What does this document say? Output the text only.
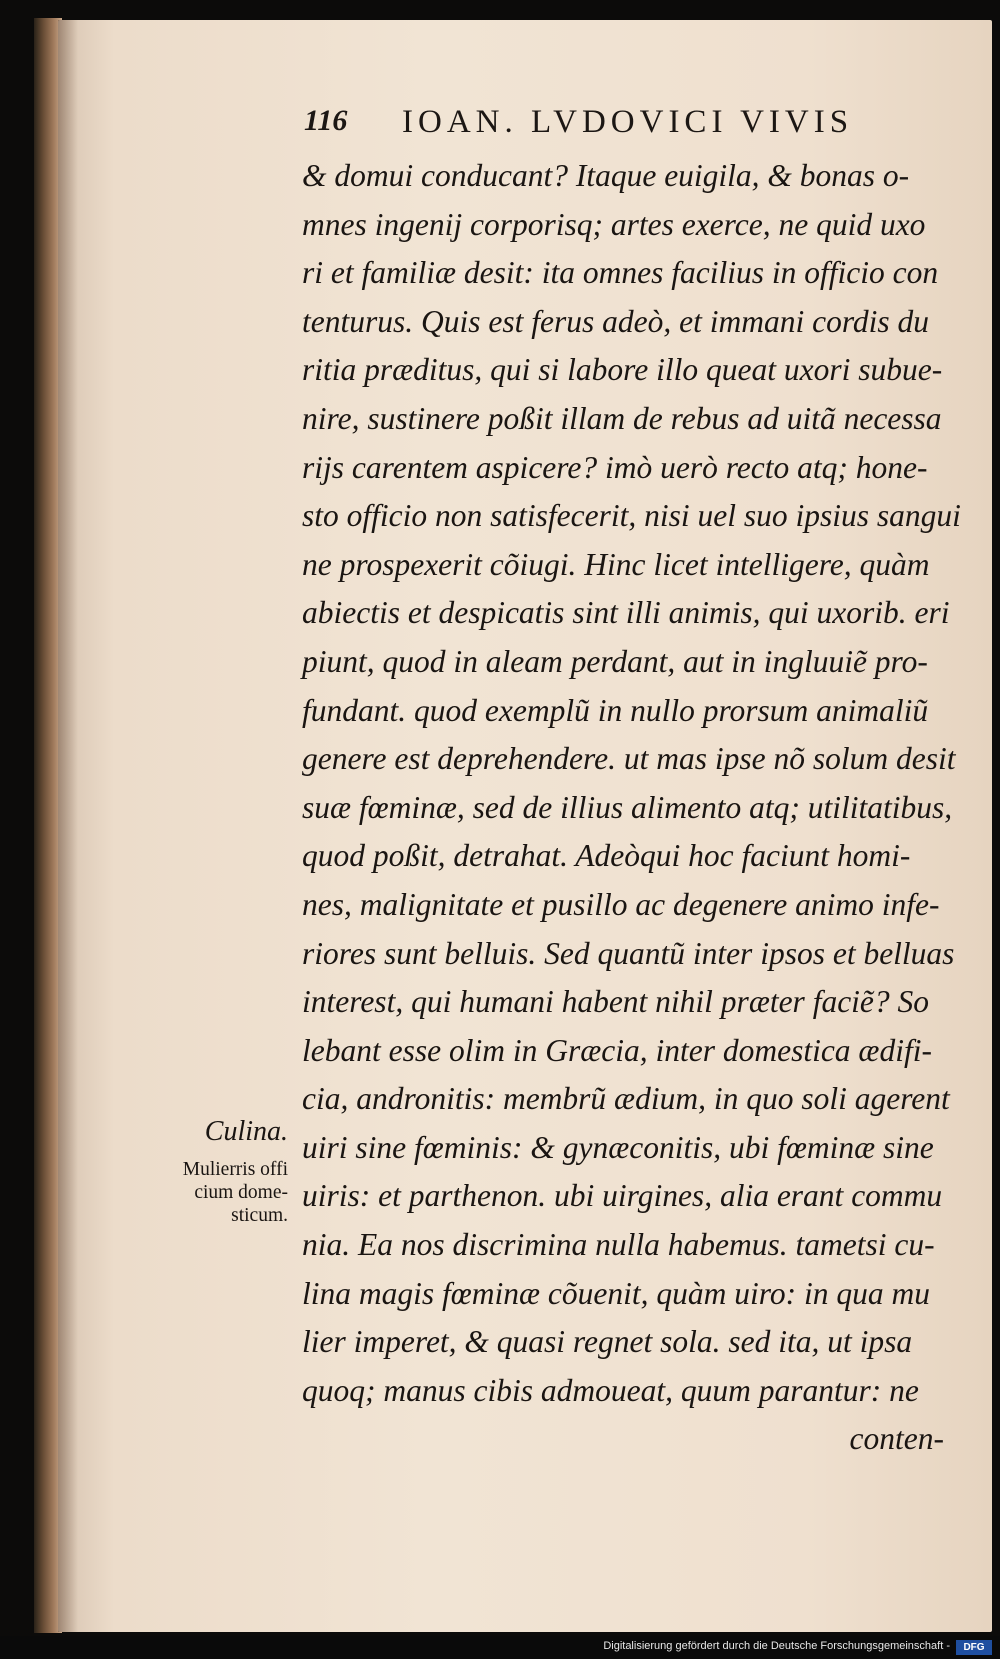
116 IOAN. LVDOVICI VIVIS
& domui conducant? Itaque euigila, & bonas o-
mnes ingenij corporisq; artes exerce, ne quid uxo
ri et familiæ desit: ita omnes facilius in officio con
tenturus. Quis est ferus adeò, et immani cordis du
ritia præditus, qui si labore illo queat uxori subue-
nire, sustinere poßit illam de rebus ad uitã necessa
rijs carentem aspicere? imò uerò recto atq; hone-
sto officio non satisfecerit, nisi uel suo ipsius sangui
ne prospexerit cõiugi. Hinc licet intelligere, quàm
abiectis et despicatis sint illi animis, qui uxorib. eri
piunt, quod in aleam perdant, aut in ingluuiẽ pro-
fundant. quod exemplũ in nullo prorsum animaliũ
genere est deprehendere. ut mas ipse nõ solum desit
suæ fœminæ, sed de illius alimento atq; utilitatibus,
quod poßit, detrahat. Adeòqui hoc faciunt homi-
nes, malignitate et pusillo ac degenere animo infe-
riores sunt belluis. Sed quantũ inter ipsos et belluas
interest, qui humani habent nihil præter faciẽ? So
lebant esse olim in Græcia, inter domestica ædifi-
cia, andronitis: membrũ ædium, in quo soli agerent
uiri sine fœminis: & gynæconitis, ubi fœminæ sine
uiris: et parthenon. ubi uirgines, alia erant commu
nia. Ea nos discrimina nulla habemus. tametsi cu-
lina magis fœminæ cõuenit, quàm uiro: in qua mu
lier imperet, & quasi regnet sola. sed ita, ut ipsa
quoq; manus cibis admoueat, quum parantur: ne
conten-
Culina.
Mulierris offi
cium dome-
sticum.
Digitalisierung gefördert durch die Deutsche Forschungsgemeinschaft -	DFG
